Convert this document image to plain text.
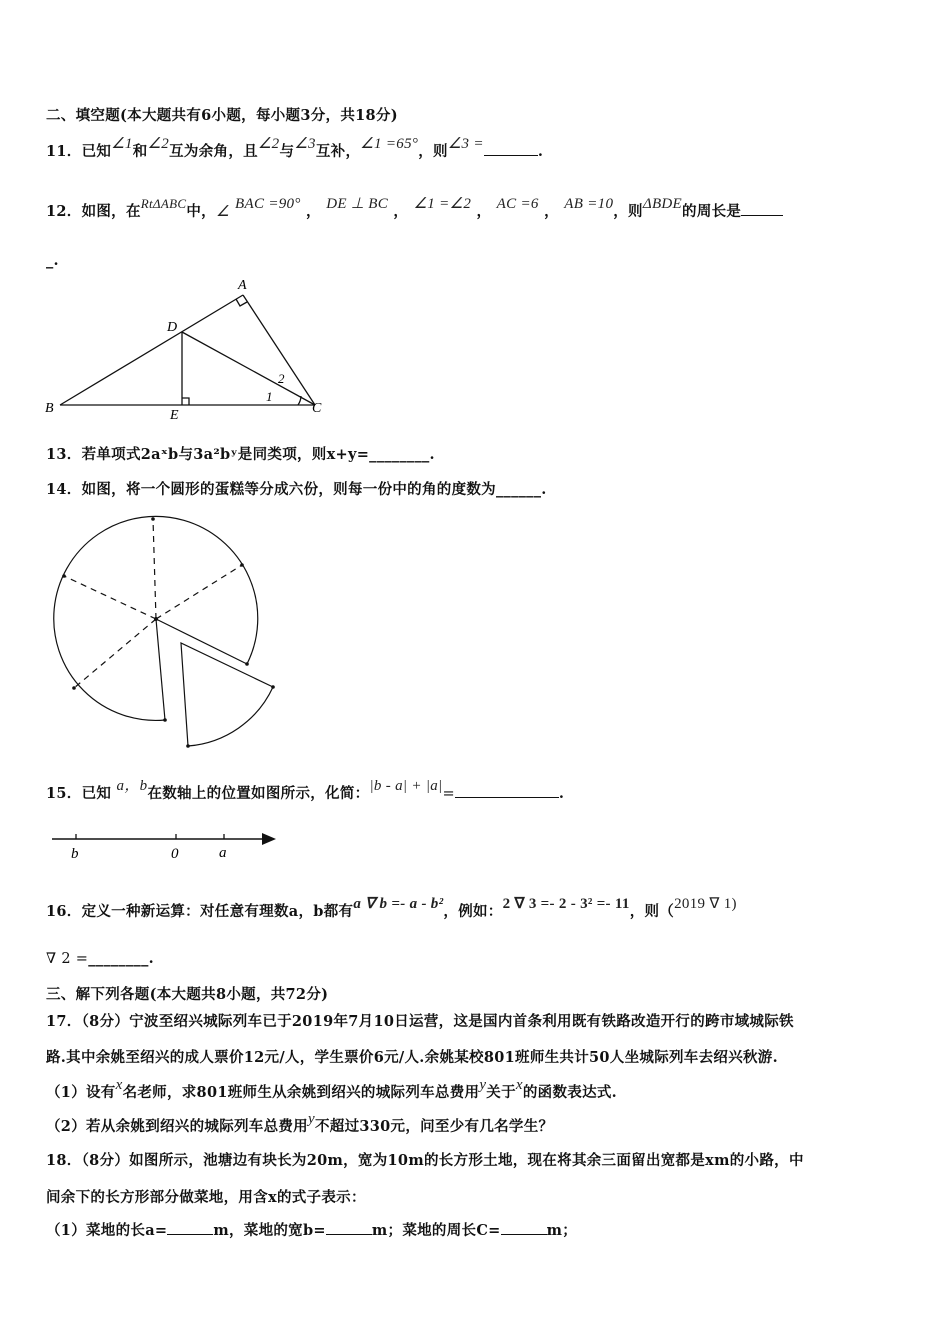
二、填空题(本大题共有6小题，每小题3分，共18分)
11．已知∠1和∠2互为余角，且∠2与∠3互补，∠1 =65°，则∠3 =	.
12．如图，在RtΔABC中，∠ BAC =90° ， DE ⊥ BC ， ∠1 =∠2 ， AC =6 ， AB =10，则ΔBDE的周长是
_.
A
B	C
D
E
1
2
13．若单项式2aˣb与3a²bʸ是同类项，则x+y=________.
14．如图，将一个圆形的蛋糕等分成六份，则每一份中的角的度数为______.
15．已知 a，b在数轴上的位置如图所示，化简：|b - a| + |a|=	.
b	0	a
16．定义一种新运算：对任意有理数a，b都有a ∇ b =- a - b²，例如：2 ∇ 3 =- 2 - 3² =- 11，则（2019 ∇ 1)
∇ 2 =________.
三、解下列各题(本大题共8小题，共72分)
17．（8分）宁波至绍兴城际列车已于2019年7月10日运营，这是国内首条利用既有铁路改造开行的跨市域城际铁
路.其中余姚至绍兴的成人票价12元/人，学生票价6元/人.余姚某校801班师生共计50人坐城际列车去绍兴秋游.
（1）设有x名老师，求801班师生从余姚到绍兴的城际列车总费用y关于x的函数表达式.
（2）若从余姚到绍兴的城际列车总费用y不超过330元，问至少有几名学生？
18．（8分）如图所示，池塘边有块长为20m，宽为10m的长方形土地，现在将其余三面留出宽都是xm的小路，中
间余下的长方形部分做菜地，用含x的式子表示：
（1）菜地的长a=	m，菜地的宽b=	m；菜地的周长C=	m；
